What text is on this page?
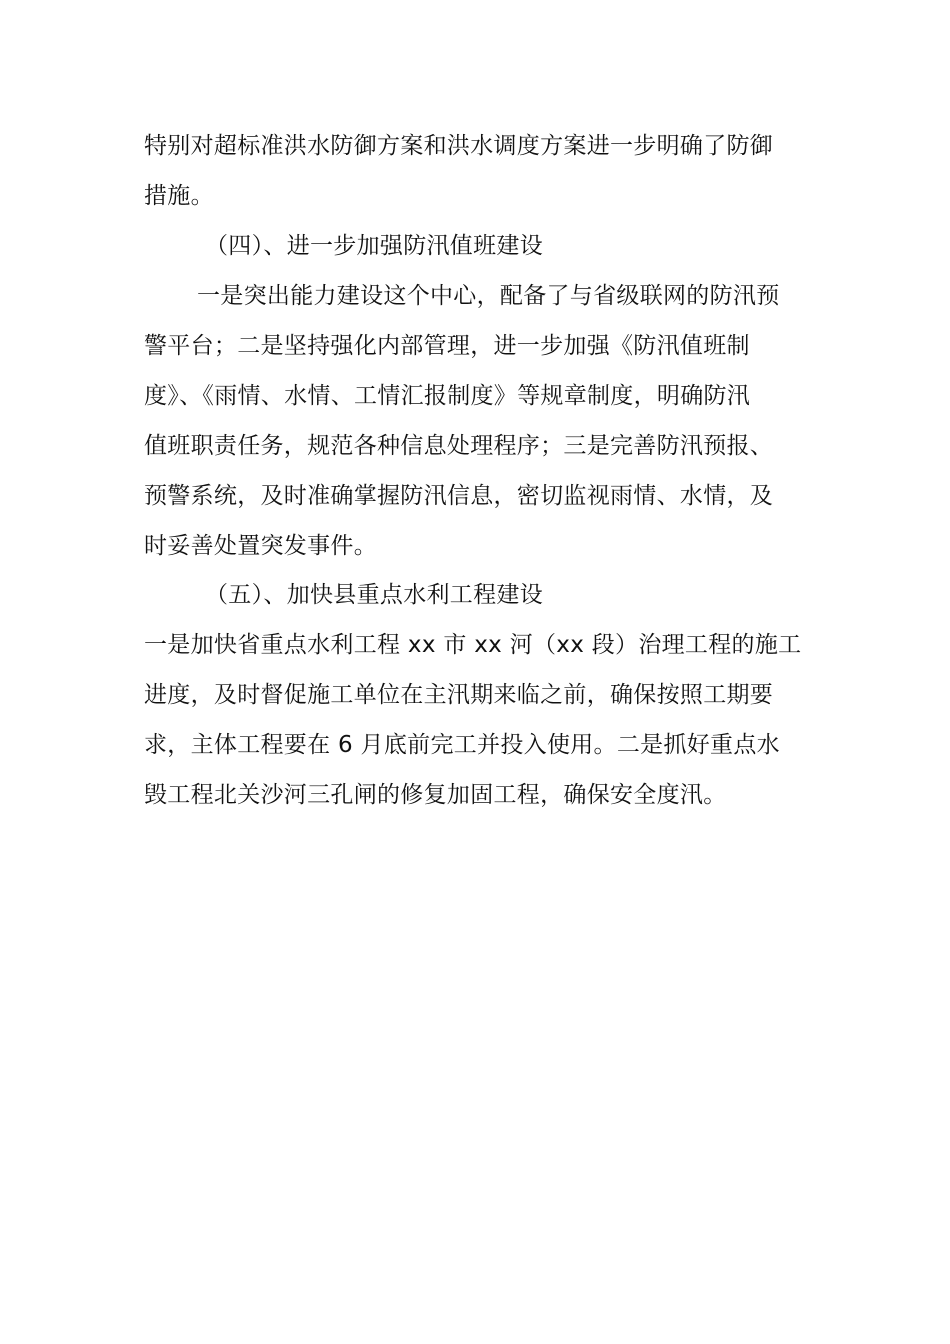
特别对超标准洪水防御方案和洪水调度方案进一步明确了防御
措施。
（四）、进一步加强防汛值班建设
一是突出能力建设这个中心，配备了与省级联网的防汛预
警平台；二是坚持强化内部管理，进一步加强《防汛值班制
度》、《雨情、水情、工情汇报制度》等规章制度，明确防汛
值班职责任务，规范各种信息处理程序；三是完善防汛预报、
预警系统，及时准确掌握防汛信息，密切监视雨情、水情，及
时妥善处置突发事件。
（五）、加快县重点水利工程建设
一是加快省重点水利工程 xx 市 xx 河（xx 段）治理工程的施工
进度，及时督促施工单位在主汛期来临之前，确保按照工期要
求，主体工程要在 6 月底前完工并投入使用。二是抓好重点水
毁工程北关沙河三孔闸的修复加固工程，确保安全度汛。
